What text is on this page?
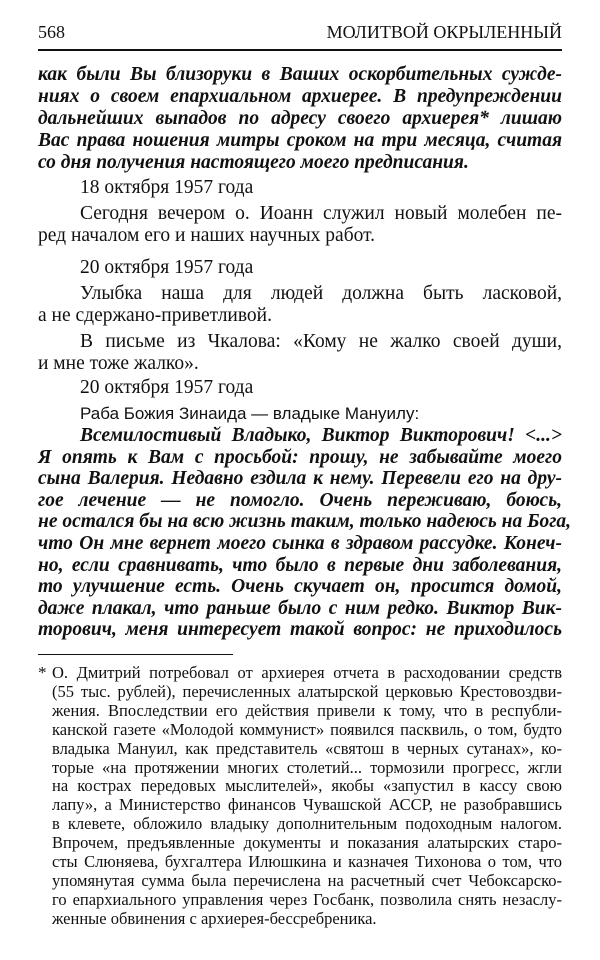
568	МОЛИТВОЙ ОКРЫЛЕННЫЙ
*
как были Вы близоруки в Ваших оскорбительных сужде-
ниях о своем епархиальном архиерее. В предупреждении
дальнейших выпадов по адресу своего архиерея* лишаю
Вас права ношения митры сроком на три месяца, считая
со дня получения настоящего моего предписания.
18 октября 1957 года
Сегодня вечером о. Иоанн служил новый молебен пе-
ред началом его и наших научных работ.
20 октября 1957 года
Улыбка наша для людей должна быть ласковой,
а не сдержано-приветливой.
В письме из Чкалова: «Кому не жалко своей души,
и мне тоже жалко».
20 октября 1957 года
Раба Божия Зинаида — владыке Мануилу:
Всемилостивый Владыко, Виктор Викторович! <...>
Я опять к Вам с просьбой: прошу, не забывайте моего
сына Валерия. Недавно ездила к нему. Перевели его на дру-
гое лечение — не помогло. Очень переживаю, боюсь,
не остался бы на всю жизнь таким, только надеюсь на Бога,
что Он мне вернет моего сынка в здравом рассудке. Конеч-
но, если сравнивать, что было в первые дни заболевания,
то улучшение есть. Очень скучает он, просится домой,
даже плакал, что раньше было с ним редко. Виктор Вик-
торович, меня интересует такой вопрос: не приходилось
О. Дмитрий потребовал от архиерея отчета в расходовании средств
(55 тыс. рублей), перечисленных алатырской церковью Крестовоздви-
жения. Впоследствии его действия привели к тому, что в республи-
канской газете «Молодой коммунист» появился пасквиль, о том, будто
владыка Мануил, как представитель «святош в черных сутанах», ко-
торые «на протяжении многих столетий... тормозили прогресс, жгли
на кострах передовых мыслителей», якобы «запустил в кассу свою
лапу», а Министерство финансов Чувашской АССР, не разобравшись
в клевете, обложило владыку дополнительным подоходным налогом.
Впрочем, предъявленные документы и показания алатырских старо-
сты Слюняева, бухгалтера Илюшкина и казначея Тихонова о том, что
упомянутая сумма была перечислена на расчетный счет Чебоксарско-
го епархиального управления через Госбанк, позволила снять незаслу-
женные обвинения с архиерея-бессребреника.
